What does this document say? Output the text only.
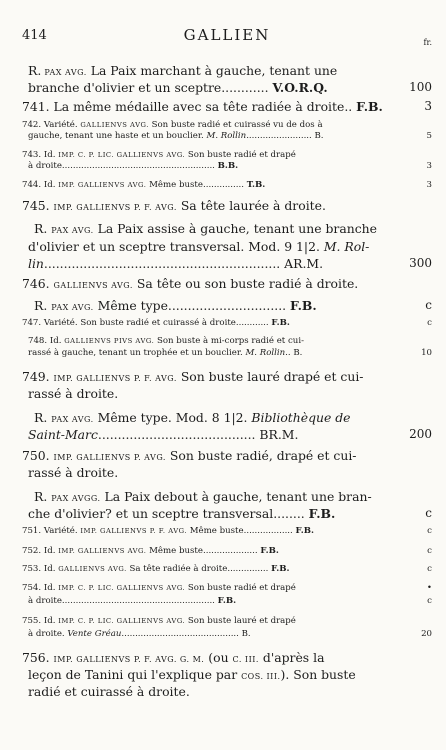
414	GALLIEN	fr.
R. PAX AVG. La Paix marchant à gauche, tenant une
branche d'olivier et un sceptre............ V.O.R.Q.	100
741. La même médaille avec sa tête radiée à droite.. F.B.	3
742. Variété. GALLIENVS AVG. Son buste radié et cuirassé vu de dos à
gauche, tenant une haste et un bouclier. M. Rollin........................ B.	5
743. Id. IMP. C. P. LIC. GALLIENVS AVG. Son buste radié et drapé
à droite........................................................ B.B.	3
744. Id. IMP. GALLIENVS AVG. Même buste............... T.B.	3
745. IMP. GALLIENVS P. F. AVG. Sa tête laurée à droite.
R. PAX AVG. La Paix assise à gauche, tenant une branche
d'olivier et un sceptre transversal. Mod. 9 1|2. M. Rol-
lin............................................................ AR.M.	300
746. GALLIENVS AVG. Sa tête ou son buste radié à droite.
R. PAX AVG. Même type.............................. F.B.	c
747. Variété. Son buste radié et cuirassé à droite............ F.B.	c
748. Id. GALLIENVS PIVS AVG. Son buste à mi-corps radié et cui-
rassé à gauche, tenant un trophée et un bouclier. M. Rollin.. B.	10
749. IMP. GALLIENVS P. F. AVG. Son buste lauré drapé et cui-
rassé à droite.
R. PAX AVG. Même type. Mod. 8 1|2. Bibliothèque de
Saint-Marc........................................ BR.M.	200
750. IMP. GALLIENVS P. AVG. Son buste radié, drapé et cui-
rassé à droite.
R. PAX AVGG. La Paix debout à gauche, tenant une bran-
che d'olivier? et un sceptre transversal........ F.B.	c
751. Variété. IMP. GALLIENVS P. F. AVG. Même buste.................. F.B.	c
752. Id. IMP. GALLIENVS AVG. Même buste.................... F.B.	c
753. Id. GALLIENVS AVG. Sa tête radiée à droite............... F.B.	c
754. Id. IMP. C. P. LIC. GALLIENVS AVG. Son buste radié et drapé	•
à droite........................................................ F.B.	c
755. Id. IMP. C. P. LIC. GALLIENVS AVG. Son buste lauré et drapé
à droite. Vente Gréau........................................... B.	20
756. IMP. GALLIENVS P. F. AVG. G. M. (ou C. III. d'après la
leçon de Tanini qui l'explique par COS. III.). Son buste
radié et cuirassé à droite.
